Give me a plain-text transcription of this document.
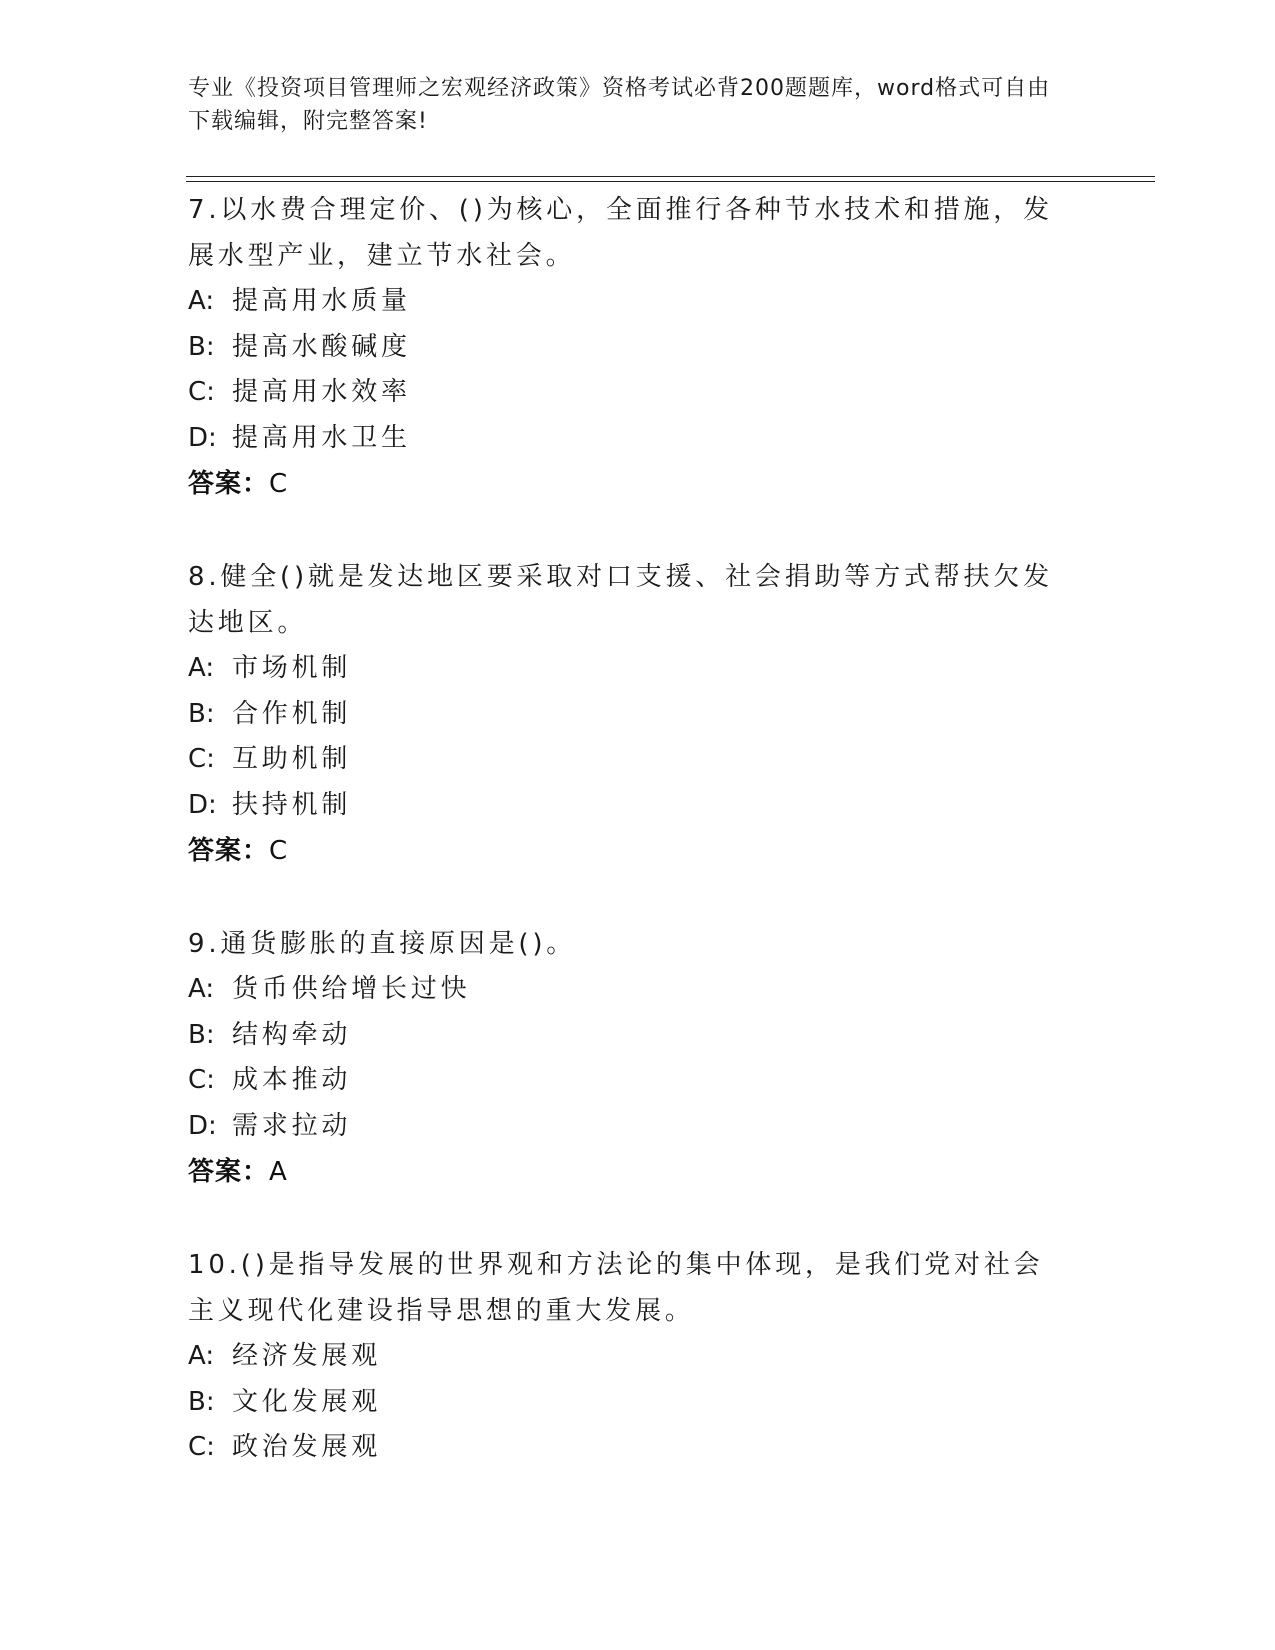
专业《投资项目管理师之宏观经济政策》资格考试必背200题题库，word格式可自由下载编辑，附完整答案!

7.以水费合理定价、()为核心，全面推行各种节水技术和措施，发展水型产业，建立节水社会。

A: 提高用水质量

B: 提高水酸碱度

C: 提高用水效率

D: 提高用水卫生

答案：C

8.健全()就是发达地区要采取对口支援、社会捐助等方式帮扶欠发达地区。

A: 市场机制

B: 合作机制

C: 互助机制

D: 扶持机制

答案：C

9.通货膨胀的直接原因是()。

A: 货币供给增长过快

B: 结构牵动

C: 成本推动

D: 需求拉动

答案：A

10.()是指导发展的世界观和方法论的集中体现，是我们党对社会主义现代化建设指导思想的重大发展。

A: 经济发展观

B: 文化发展观

C: 政治发展观
